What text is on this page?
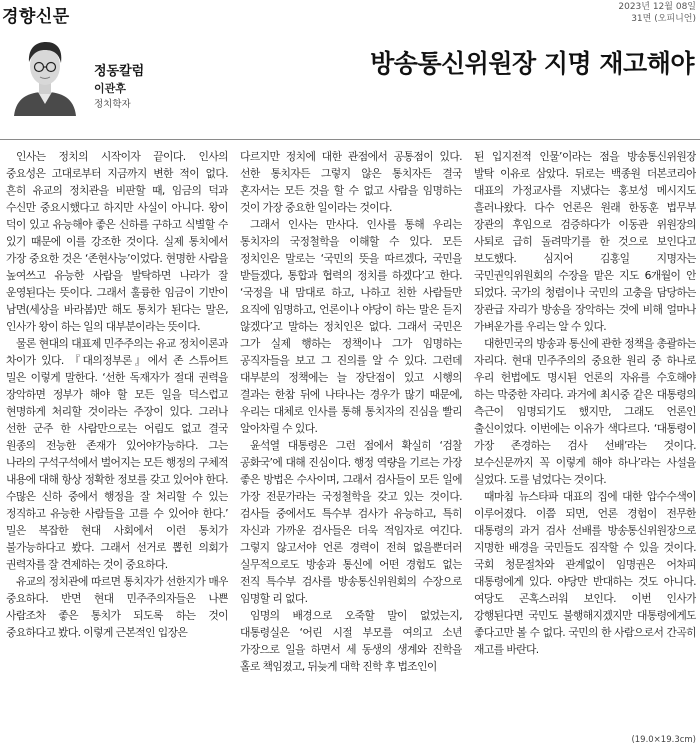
경향신문	2023년 12월 08일
31면 (오피니언)
정동칼럼
이관후
정치학자
방송통신위원장 지명 재고해야

인사는 정치의 시작이자 끝이다. 인사의 중요성은 고대로부터 지금까지 변한 적이 없다. 흔히 유교의 정치관을 비판할 때, 임금의 덕과 수신만 중요시했다고 하지만 사실이 아니다. 왕이 덕이 있고 유능해야 좋은 신하를 구하고 식별할 수 있기 때문에 이를 강조한 것이다. 실제 통치에서 가장 중요한 것은 ‘존현사능’이었다. 현명한 사람을 높여쓰고 유능한 사람을 발탁하면 나라가 잘 운영된다는 뜻이다. 그래서 훌륭한 임금이 기반이 남면(세상을 바라봄)만 해도 통치가 된다는 말은, 인사가 왕이 하는 일의 대부분이라는 뜻이다.

물론 현대의 대표제 민주주의는 유교 정치이론과 차이가 있다. 『대의정부론』에서 존 스튜어트 밀은 이렇게 말한다. ‘선한 독재자가 절대 권력을 장악하면 정부가 해야 할 모든 일을 덕스럽고 현명하게 처리할 것이라는 주장이 있다. 그러나 선한 군주 한 사람만으로는 어림도 없고 결국 원종의 전능한 존재가 있어야가능하다. 그는 나라의 구석구석에서 벌어지는 모든 행정의 구체적 내용에 대해 항상 정확한 정보를 갖고 있어야 한다. 수많은 신하 중에서 행정을 잘 처리할 수 있는 정직하고 유능한 사람들을 고를 수 있어야 한다.’ 밀은 복잡한 현대 사회에서 이런 통치가 불가능하다고 봤다. 그래서 선거로 뽑힌 의회가 권력자를 잘 견제하는 것이 중요하다.

유교의 정치관에 따르면 통치자가 선한지가 매우 중요하다. 반면 현대 민주주의자들은 나쁜 사람조차 좋은 통치가 되도록 하는 것이 중요하다고 봤다. 이렇게 근본적인 입장은

다르지만 정치에 대한 관점에서 공통점이 있다. 선한 통치자든 그렇지 않은 통치자든 결국 혼자서는 모든 것을 할 수 없고 사람을 임명하는 것이 가장 중요한 일이라는 것이다.

그래서 인사는 만사다. 인사를 통해 우리는 통치자의 국정철학을 이해할 수 있다. 모든 정치인은 말로는 ‘국민의 뜻을 따르겠다, 국민을 받들겠다, 통합과 협력의 정치를 하겠다’고 한다. ‘국정을 내 맘대로 하고, 나하고 친한 사람들만 요직에 임명하고, 언론이나 야당이 하는 말은 듣지 않겠다’고 말하는 정치인은 없다. 그래서 국민은 그가 실제 행하는 정책이나 그가 임명하는 공직자들을 보고 그 진의를 알 수 있다. 그런데 대부분의 정책에는 늘 장단점이 있고 시행의 결과는 한참 뒤에 나타나는 경우가 많기 때문에, 우리는 대체로 인사를 통해 통치자의 진심을 빨리 알아차릴 수 있다.

윤석열 대통령은 그런 점에서 확실히 ‘검찰 공화국’에 대해 진심이다. 행정 역량을 기르는 가장 좋은 방법은 수사이며, 그래서 검사들이 모든 일에 가장 전문가라는 국정철학을 갖고 있는 것이다. 검사들 중에서도 특수부 검사가 유능하고, 특히 자신과 가까운 검사들은 더욱 적임자로 여긴다. 그렇지 않고서야 언론 경력이 전혀 없을뿐더러 실무적으로도 방송과 통신에 어떤 경험도 없는 전직 특수부 검사를 방송통신위원회의 수장으로 임명할 리 없다.

임명의 배경으로 오죽할 말이 없었는지, 대통령실은 ‘어린 시절 부모를 여의고 소년 가장으로 일을 하면서 세 동생의 생계와 진학을 홀로 책임졌고, 뒤늦게 대학 진학 후 법조인이

된 입지전적 인물’이라는 점을 방송통신위원장 발탁 이유로 삼았다. 뒤로는 백종원 더본코리아 대표의 가정교사를 지냈다는 홍보성 메시지도 흘러나왔다. 다수 언론은 원래 한동훈 법무부 장관의 후임으로 검증하다가 이동관 위원장의 사퇴로 급히 돌려막기를 한 것으로 보인다고 보도했다. 심지어 김홍일 지명자는 국민권익위원회의 수장을 맡은 지도 6개월이 안 되었다. 국가의 청렴이나 국민의 고충을 담당하는 장관급 자리가 방송을 장악하는 것에 비해 얼마나 가벼운가를 우리는 알 수 있다.

대한민국의 방송과 통신에 관한 정책을 총괄하는 자리다. 현대 민주주의의 중요한 원리 중 하나로 우리 헌법에도 명시된 언론의 자유를 수호해야 하는 막중한 자리다. 과거에 최시중 같은 대통령의 측근이 임명되기도 했지만, 그래도 언론인 출신이었다. 이번에는 이유가 색다르다. ‘대통령이 가장 존경하는 검사 선배’라는 것이다. 보수신문까지 꼭 이렇게 해야 하나’라는 사설을 실었다. 도를 넘었다는 것이다.

때마침 뉴스타파 대표의 집에 대한 압수수색이 이루어졌다. 이쯤 되면, 언론 경험이 전무한 대통령의 과거 검사 선배를 방송통신위원장으로 지명한 배경을 국민들도 짐작할 수 있을 것이다. 국회 청문절차와 관계없이 임명권은 어차피 대통령에게 있다. 야당만 반대하는 것도 아니다. 여당도 곤혹스러워 보인다. 이번 인사가 강행된다면 국민도 불행해지겠지만 대통령에게도 좋다고만 볼 수 없다. 국민의 한 사람으로서 간곡히 재고를 바란다.

(19.0×19.3cm)
